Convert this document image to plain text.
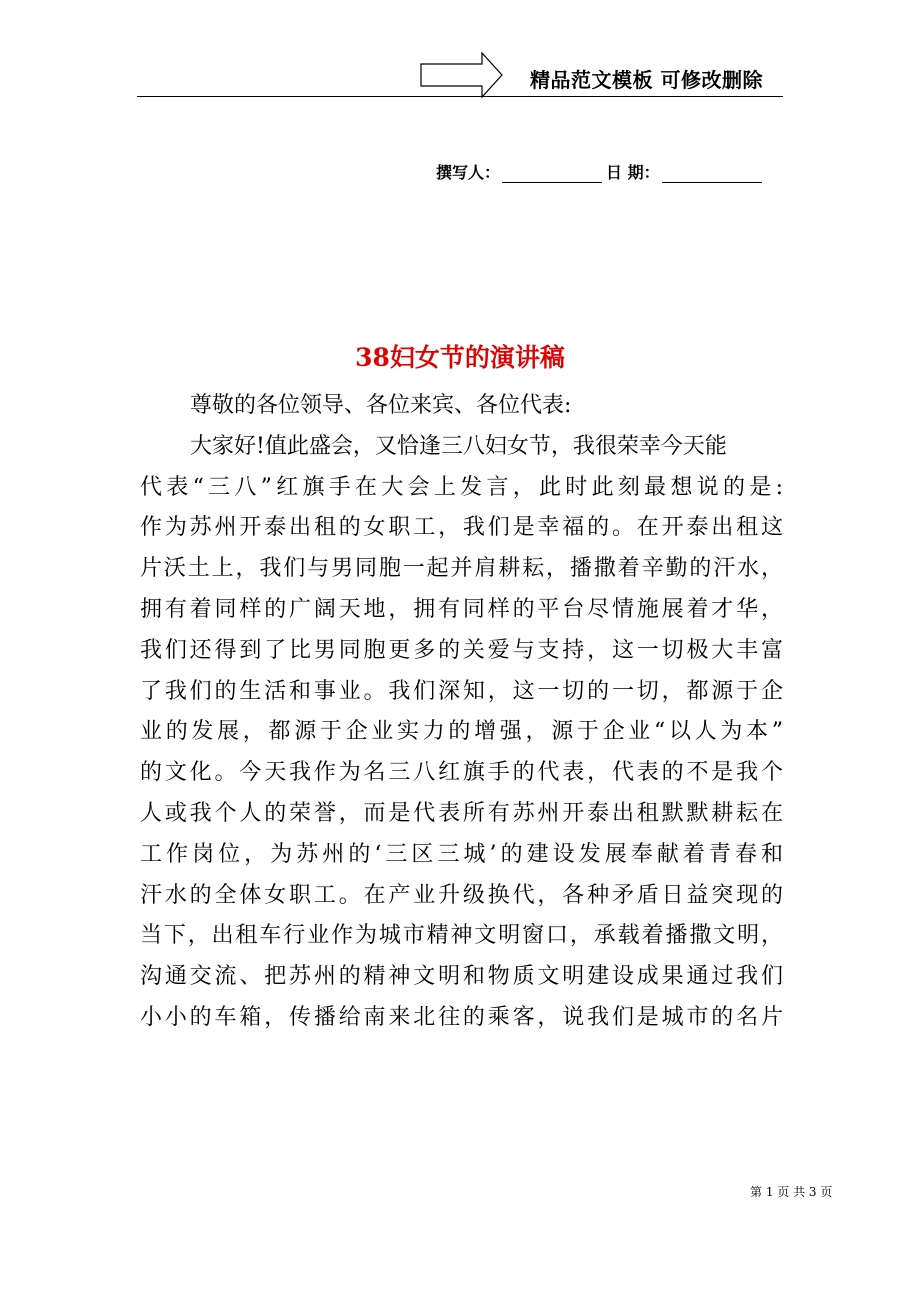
精品范文模板 可修改删除
撰写人：	日 期：
38妇女节的演讲稿
尊敬的各位领导、各位来宾、各位代表:
大家好!值此盛会，又恰逢三八妇女节，我很荣幸今天能
代表“三八”红旗手在大会上发言，此时此刻最想说的是:
作为苏州开泰出租的女职工，我们是幸福的。在开泰出租这
片沃土上，我们与男同胞一起并肩耕耘，播撒着辛勤的汗水，
拥有着同样的广阔天地，拥有同样的平台尽情施展着才华，
我们还得到了比男同胞更多的关爱与支持，这一切极大丰富
了我们的生活和事业。我们深知，这一切的一切，都源于企
业的发展，都源于企业实力的增强，源于企业“以人为本”
的文化。今天我作为名三八红旗手的代表，代表的不是我个
人或我个人的荣誉，而是代表所有苏州开泰出租默默耕耘在
工作岗位，为苏州的‘三区三城’的建设发展奉献着青春和
汗水的全体女职工。在产业升级换代，各种矛盾日益突现的
当下，出租车行业作为城市精神文明窗口，承载着播撒文明，
沟通交流、把苏州的精神文明和物质文明建设成果通过我们
小小的车箱，传播给南来北往的乘客，说我们是城市的名片
第 1 页 共 3 页
